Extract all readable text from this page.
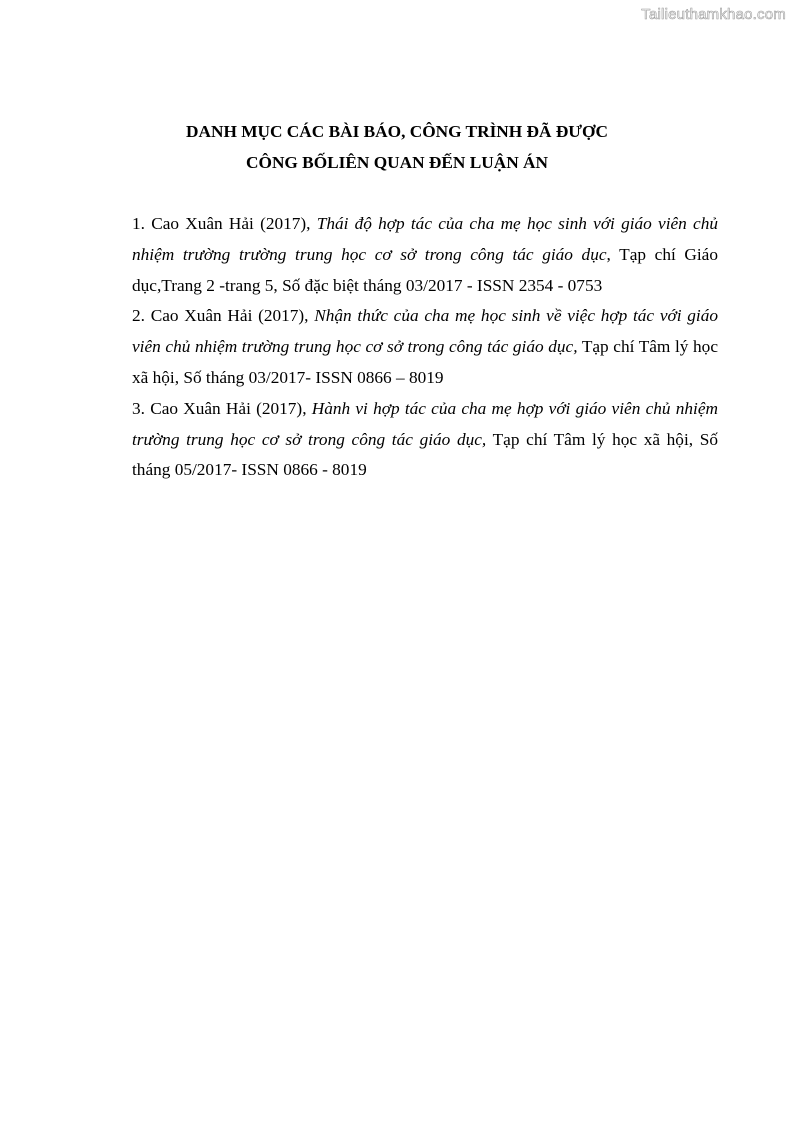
Tailieuthamkhao.com
DANH MỤC CÁC BÀI BÁO, CÔNG TRÌNH ĐÃ ĐƯỢC
CÔNG BỐLIÊN QUAN ĐẾN LUẬN ÁN

1. Cao Xuân Hải (2017), Thái độ hợp tác của cha mẹ học sinh với giáo viên chủ nhiệm trường trường trung học cơ sở trong công tác giáo dục, Tạp chí Giáo dục,Trang 2 -trang 5, Số đặc biệt tháng 03/2017 - ISSN 2354 - 0753

2. Cao Xuân Hải (2017), Nhận thức của cha mẹ học sinh về việc hợp tác với giáo viên chủ nhiệm trường trung học cơ sở trong công tác giáo dục, Tạp chí Tâm lý học xã hội, Số tháng 03/2017- ISSN 0866 – 8019

3. Cao Xuân Hải (2017), Hành vi hợp tác của cha mẹ hợp với giáo viên chủ nhiệm trường trung học cơ sở trong công tác giáo dục, Tạp chí Tâm lý học xã hội, Số tháng 05/2017- ISSN 0866 - 8019
